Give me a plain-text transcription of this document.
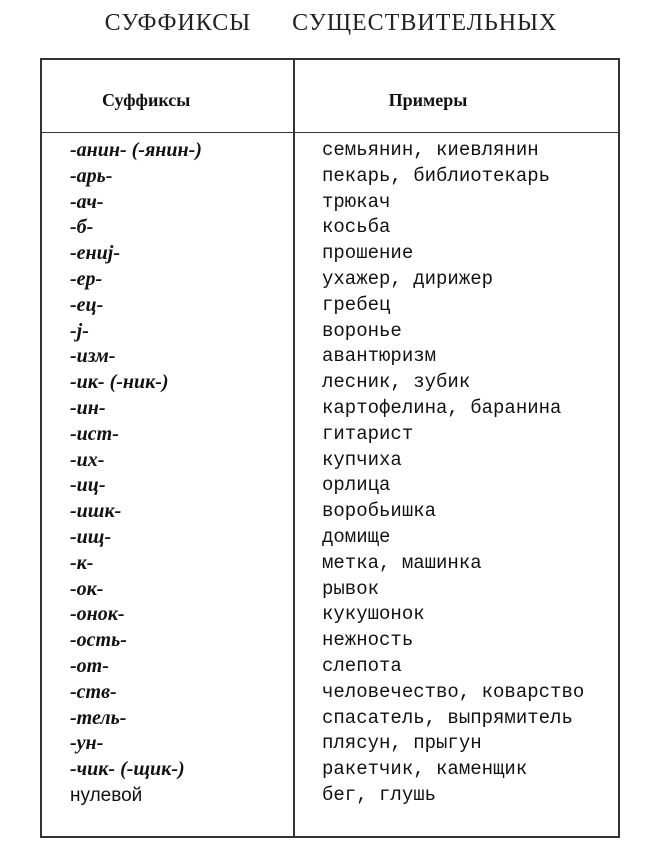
СУФФИКСЫ СУЩЕСТВИТЕЛЬНЫХ
Суффиксы	Примеры
-анин- (-янин-)	семьянин, киевлянин
-арь-	пекарь, библиотекарь
-ач-	трюкач
-б-	косьба
-ениј-	прошение
-ер-	ухажер, дирижер
-ец-	гребец
-ј-	воронье
-изм-	авантюризм
-ик- (-ник-)	лесник, зубик
-ин-	картофелина, баранина
-ист-	гитарист
-их-	купчиха
-иц-	орлица
-ишк-	воробьишка
-ищ-	домище
-к-	метка, машинка
-ок-	рывок
-онок-	кукушонок
-ость-	нежность
-от-	слепота
-ств-	человечество, коварство
-тель-	спасатель, выпрямитель
-ун-	плясун, прыгун
-чик- (-щик-)	ракетчик, каменщик
нулевой	бег, глушь
